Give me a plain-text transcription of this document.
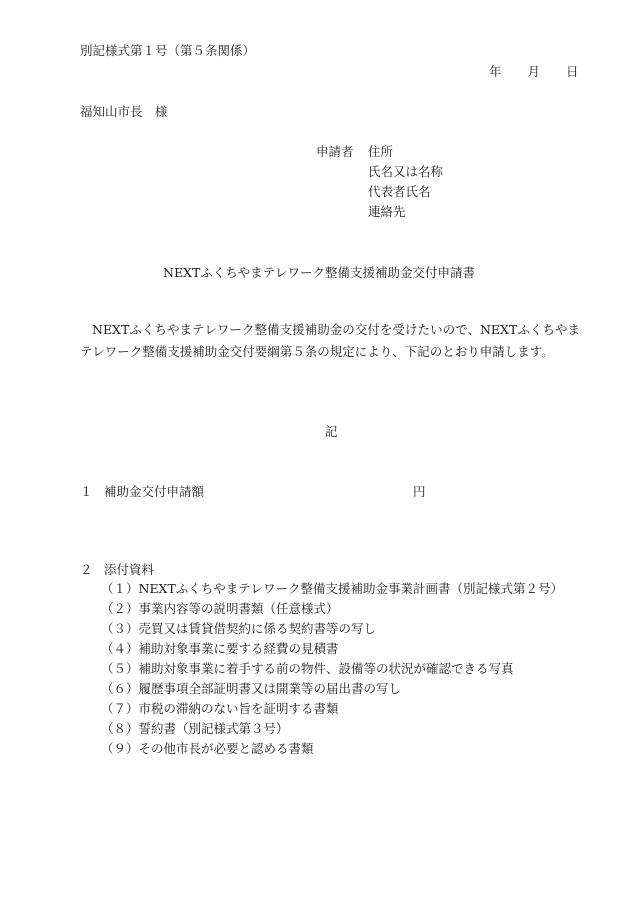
別記様式第１号（第５条関係）
年 月 日
福知山市長　様
申請者 住所
氏名又は名称
代表者氏名
連絡先
NEXTふくちやまテレワーク整備支援補助金交付申請書
NEXTふくちやまテレワーク整備支援補助金の交付を受けたいので、NEXTふくちやまテレワーク整備支援補助金交付要綱第５条の規定により、下記のとおり申請します。
記
１ 補助金交付申請額	円
２ 添付資料
（１）NEXTふくちやまテレワーク整備支援補助金事業計画書（別記様式第２号）
（２）事業内容等の説明書類（任意様式）
（３）売買又は賃貸借契約に係る契約書等の写し
（４）補助対象事業に要する経費の見積書
（５）補助対象事業に着手する前の物件、設備等の状況が確認できる写真
（６）履歴事項全部証明書又は開業等の届出書の写し
（７）市税の滞納のない旨を証明する書類
（８）誓約書（別記様式第３号）
（９）その他市長が必要と認める書類
